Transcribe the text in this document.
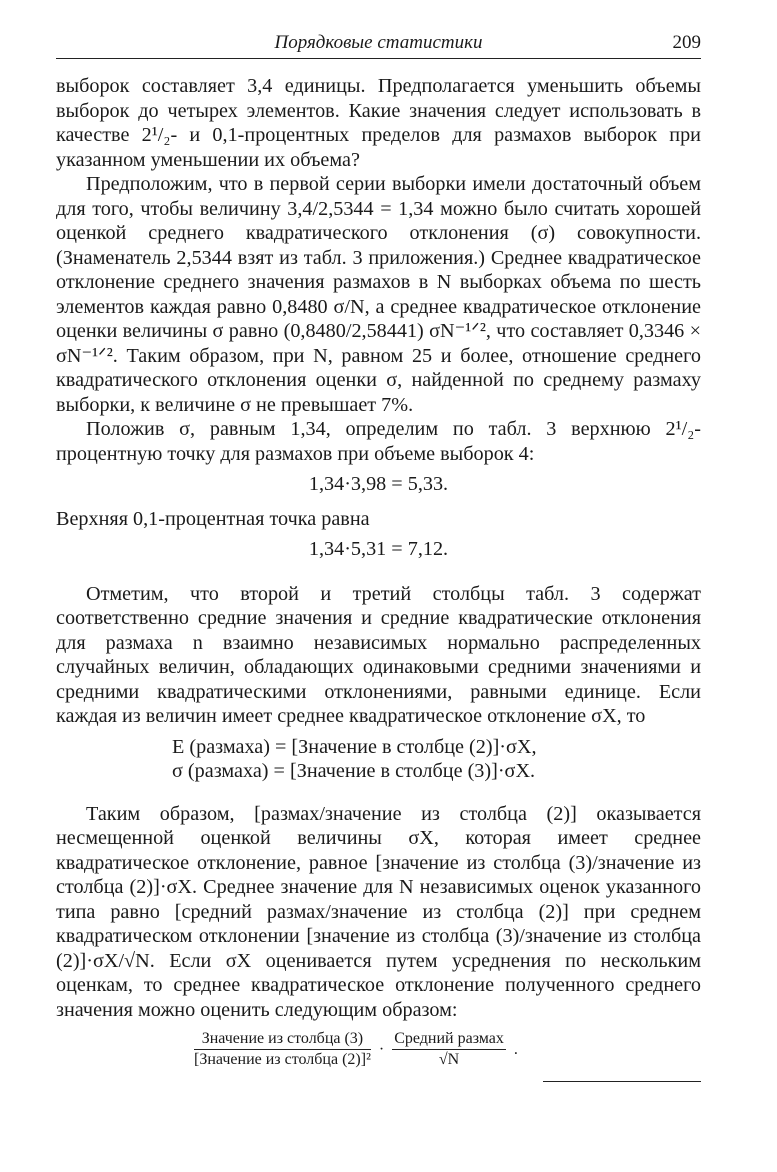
Порядковые статистики	209

выборок составляет 3,4 единицы. Предполагается уменьшить объемы выборок до четырех элементов. Какие значения следует использовать в качестве 2¹/₂- и 0,1-процентных пределов для размахов выборок при указанном уменьшении их объема?

Предположим, что в первой серии выборки имели достаточный объем для того, чтобы величину 3,4/2,5344 = 1,34 можно было считать хорошей оценкой среднего квадратического отклонения (σ) совокупности. (Знаменатель 2,5344 взят из табл. 3 приложения.) Среднее квадратическое отклонение среднего значения размахов в N выборках объема по шесть элементов каждая равно 0,8480 σ/N, а среднее квадратическое отклонение оценки величины σ равно (0,8480/2,58441) σN⁻¹ᐟ², что составляет 0,3346 × σN⁻¹ᐟ². Таким образом, при N, равном 25 и более, отношение среднего квадратического отклонения оценки σ, найденной по среднему размаху выборки, к величине σ не превышает 7%.

Положив σ, равным 1,34, определим по табл. 3 верхнюю 2¹/₂-процентную точку для размахов при объеме выборок 4:

1,34·3,98 = 5,33.

Верхняя 0,1-процентная точка равна

1,34·5,31 = 7,12.

Отметим, что второй и третий столбцы табл. 3 содержат соответственно средние значения и средние квадратические отклонения для размаха n взаимно независимых нормально распределенных случайных величин, обладающих одинаковыми средними значениями и средними квадратическими отклонениями, равными единице. Если каждая из величин имеет среднее квадратическое отклонение σX, то

E (размаха) = [Значение в столбце (2)]·σX,
σ (размаха) = [Значение в столбце (3)]·σX.

Таким образом, [размах/значение из столбца (2)] оказывается несмещенной оценкой величины σX, которая имеет среднее квадратическое отклонение, равное [значение из столбца (3)/значение из столбца (2)]·σX. Среднее значение для N независимых оценок указанного типа равно [средний размах/значение из столбца (2)] при среднем квадратическом отклонении [значение из столбца (3)/значение из столбца (2)]·σX/√N. Если σX оценивается путем усреднения по нескольким оценкам, то среднее квадратическое отклонение полученного среднего значения можно оценить следующим образом:

$\frac{\text{Значение из столбца (3)}}{\text{[Значение из столбца (2)]²}} \cdot \frac{\text{Средний размах}}{√N}$ .
